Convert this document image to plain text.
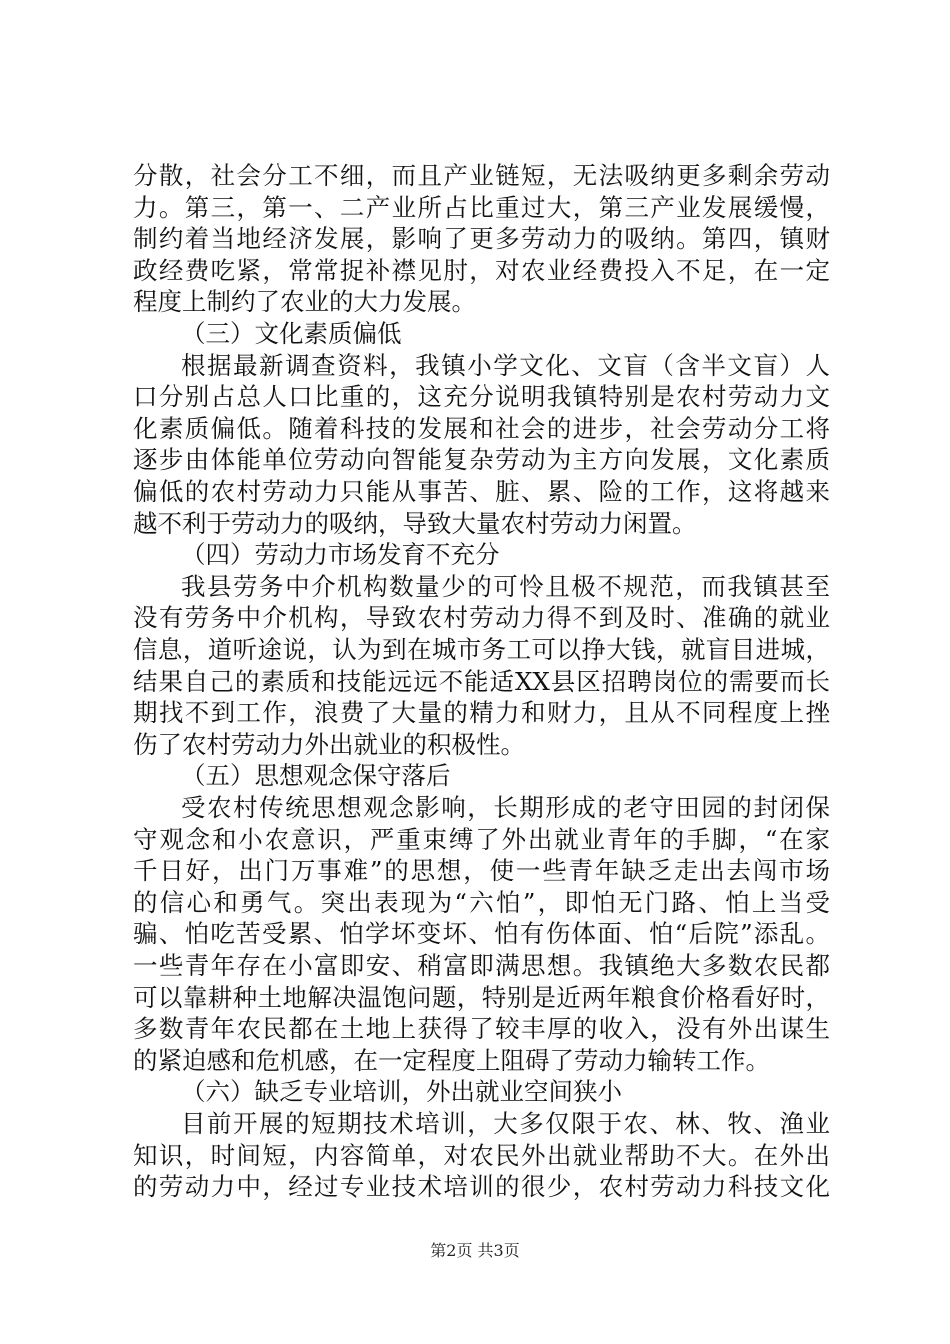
第2页 共3页
分散，社会分工不细，而且产业链短，无法吸纳更多剩余劳动
力。第三，第一、二产业所占比重过大，第三产业发展缓慢，
制约着当地经济发展，影响了更多劳动力的吸纳。第四，镇财
政经费吃紧，常常捉补襟见肘，对农业经费投入不足，在一定
程度上制约了农业的大力发展。
（三）文化素质偏低
根据最新调查资料，我镇小学文化、文盲（含半文盲）人
口分别占总人口比重的，这充分说明我镇特别是农村劳动力文
化素质偏低。随着科技的发展和社会的进步，社会劳动分工将
逐步由体能单位劳动向智能复杂劳动为主方向发展，文化素质
偏低的农村劳动力只能从事苦、脏、累、险的工作，这将越来
越不利于劳动力的吸纳，导致大量农村劳动力闲置。
（四）劳动力市场发育不充分
我县劳务中介机构数量少的可怜且极不规范，而我镇甚至
没有劳务中介机构，导致农村劳动力得不到及时、准确的就业
信息，道听途说，认为到在城市务工可以挣大钱，就盲目进城，
结果自己的素质和技能远远不能适XX县区招聘岗位的需要而长
期找不到工作，浪费了大量的精力和财力，且从不同程度上挫
伤了农村劳动力外出就业的积极性。
（五）思想观念保守落后
受农村传统思想观念影响，长期形成的老守田园的封闭保
守观念和小农意识，严重束缚了外出就业青年的手脚，“在家
千日好，出门万事难”的思想，使一些青年缺乏走出去闯市场
的信心和勇气。突出表现为“六怕”，即怕无门路、怕上当受
骗、怕吃苦受累、怕学坏变坏、怕有伤体面、怕“后院”添乱。
一些青年存在小富即安、稍富即满思想。我镇绝大多数农民都
可以靠耕种土地解决温饱问题，特别是近两年粮食价格看好时，
多数青年农民都在土地上获得了较丰厚的收入，没有外出谋生
的紧迫感和危机感，在一定程度上阻碍了劳动力输转工作。
（六）缺乏专业培训，外出就业空间狭小
目前开展的短期技术培训，大多仅限于农、林、牧、渔业
知识，时间短，内容简单，对农民外出就业帮助不大。在外出
的劳动力中，经过专业技术培训的很少，农村劳动力科技文化
